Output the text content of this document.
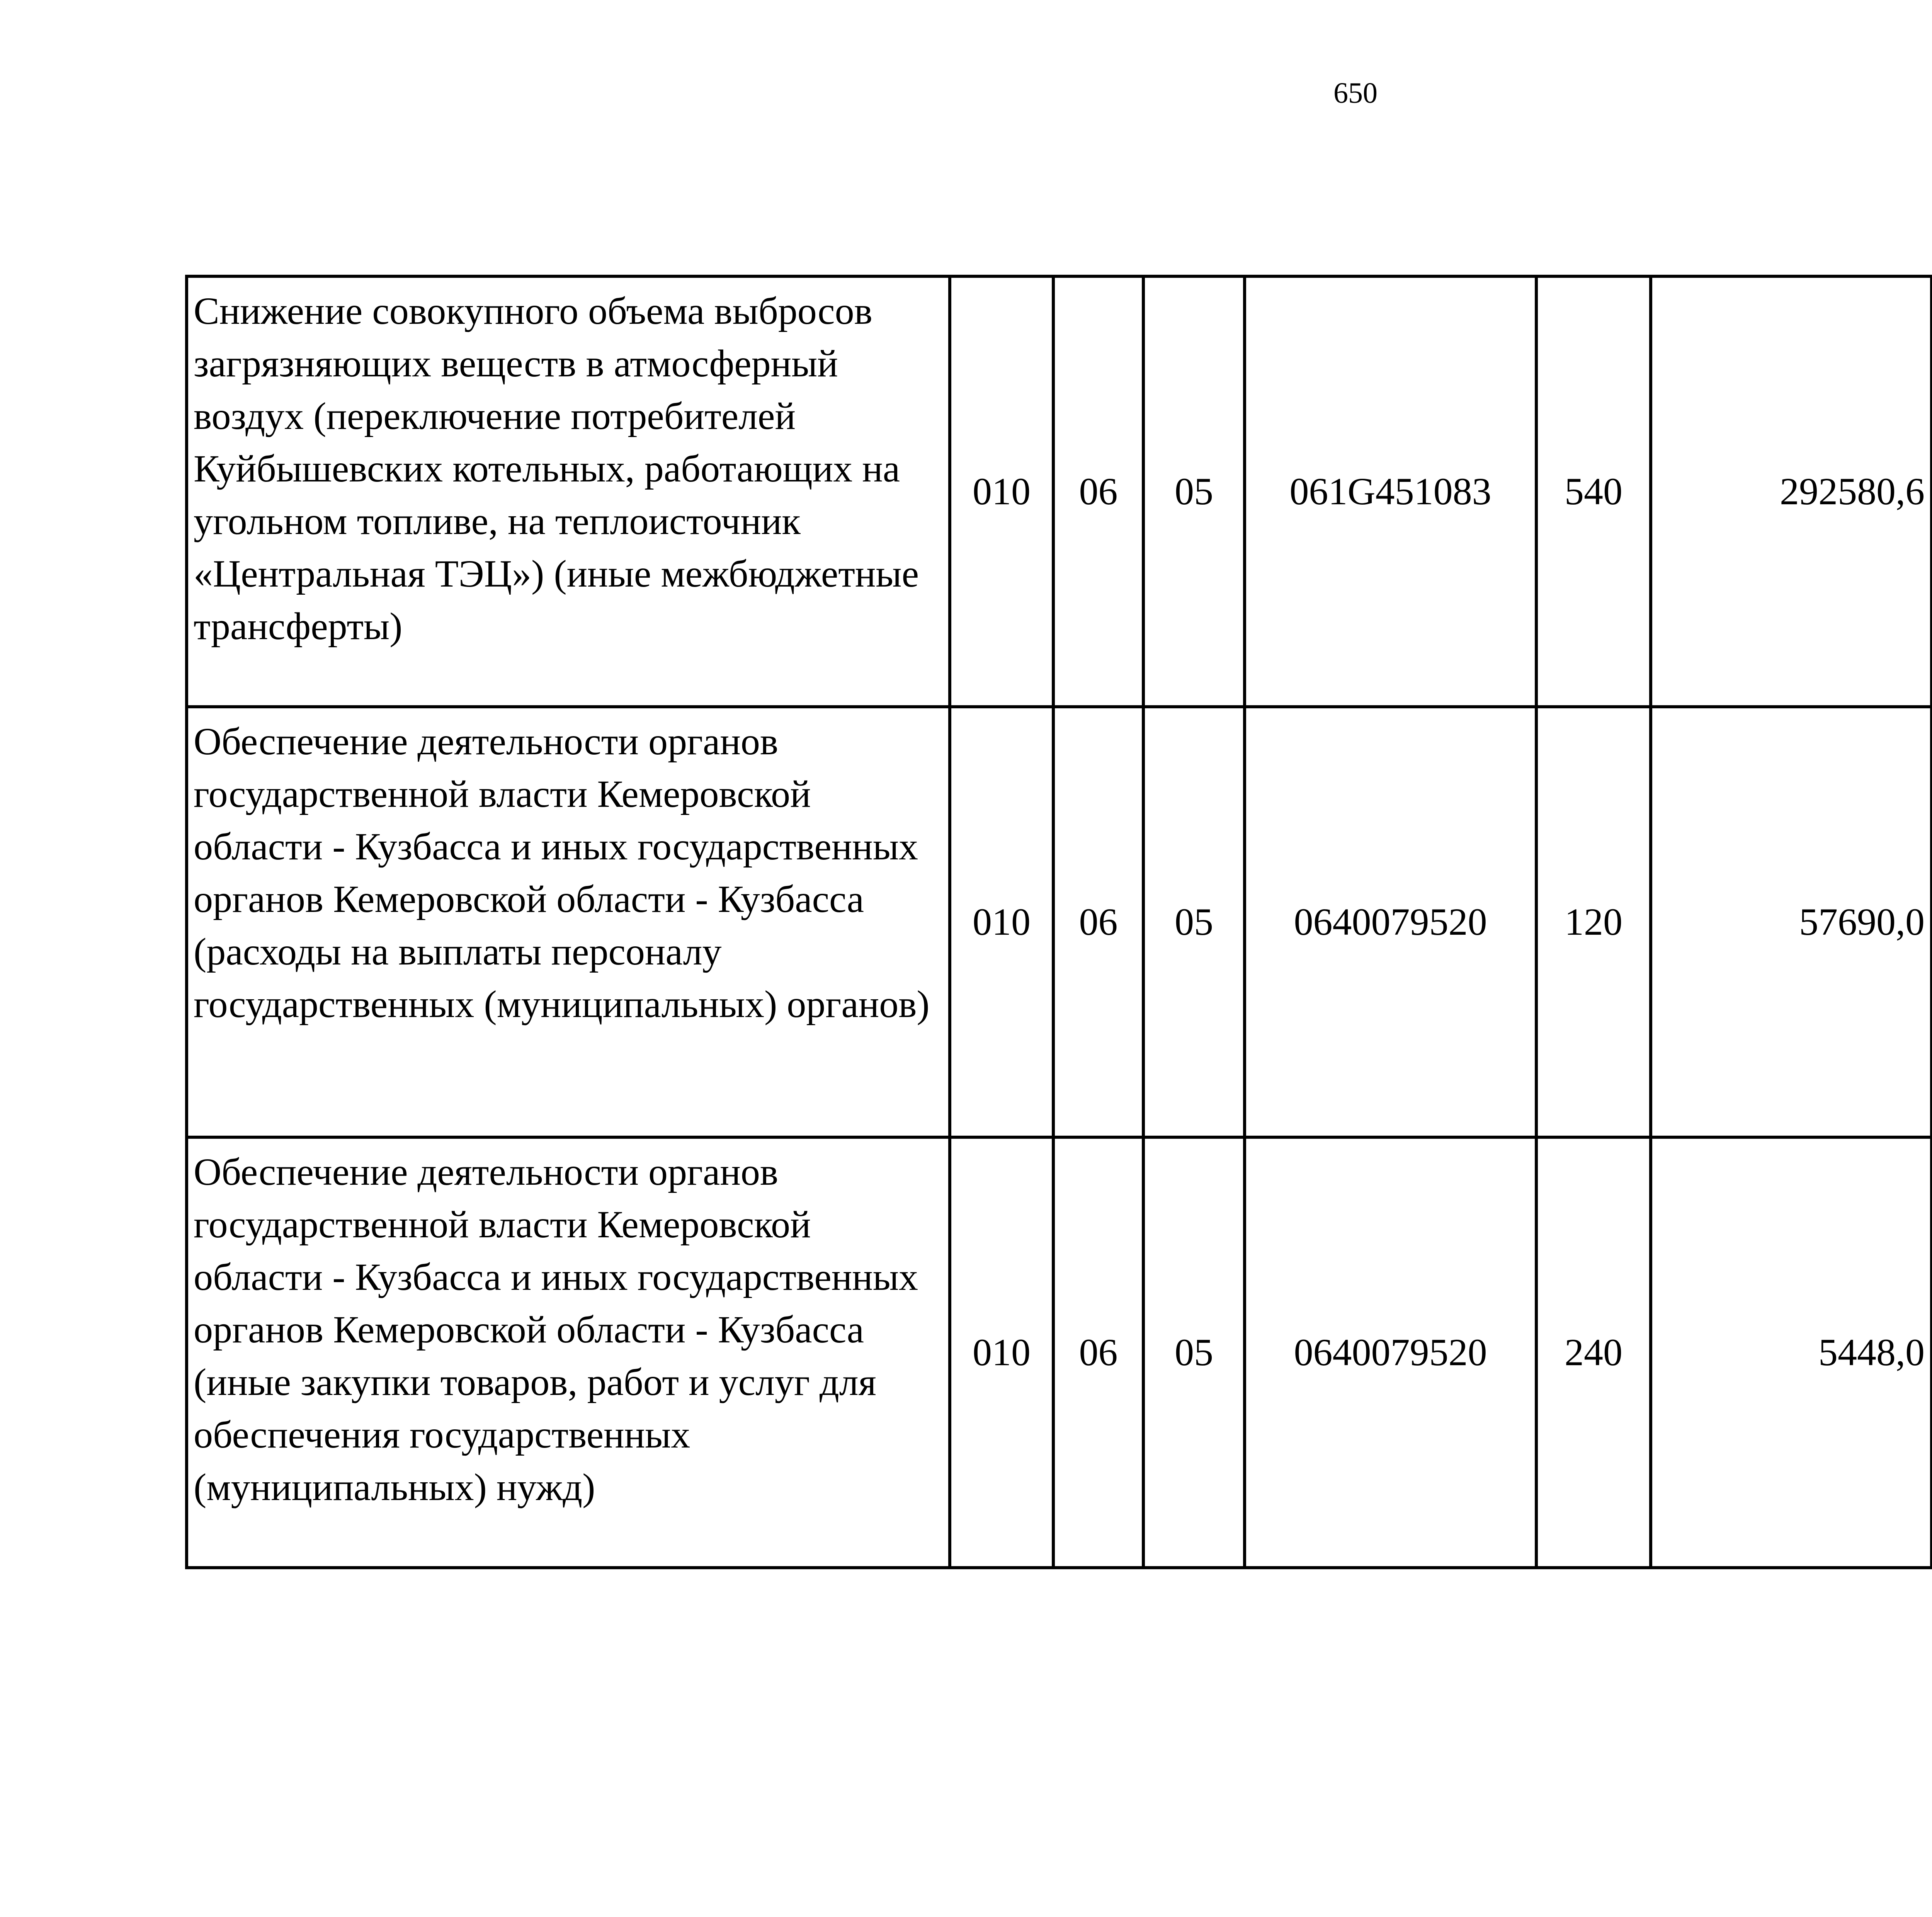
650
Снижение совокупного объема выбросов загрязняющих веществ в атмосферный воздух (переключение потребителей Куйбышевских котельных, работающих на угольном топливе, на теплоисточник «Центральная ТЭЦ») (иные межбюджетные трансферты)	010	06	05	061G451083	540	292580,6		
Обеспечение деятельности органов государственной власти Кемеровской области - Кузбасса и иных государственных органов Кемеровской области - Кузбасса (расходы на выплаты персоналу государственных (муниципальных) органов)	010	06	05	0640079520	120	57690,0		
Обеспечение деятельности органов государственной власти Кемеровской области - Кузбасса и иных государственных органов Кемеровской области - Кузбасса (иные закупки товаров, работ и услуг для обеспечения государственных (муниципальных) нужд)	010	06	05	0640079520	240	5448,0		
